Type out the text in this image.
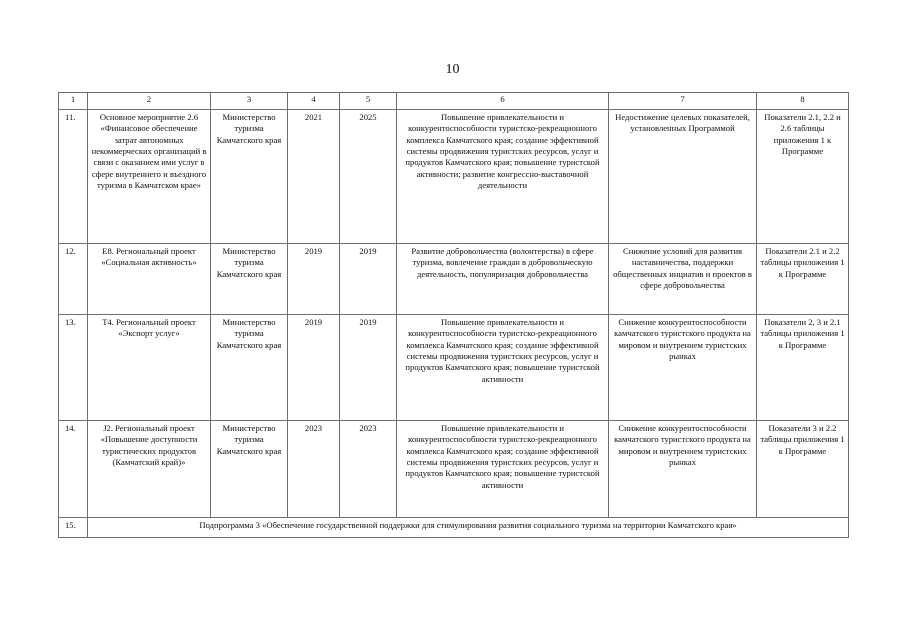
10
1	2	3	4	5	6	7	8
11.	Основное мероприятие 2.6 «Финансовое обеспечение затрат автономных некоммерческих организаций в связи с оказанием ими услуг в сфере внутреннего и въездного туризма в Камчатском крае»	Министерство туризма Камчатского края	2021	2025	Повышение привлекательности и конкурентоспособности туристско-рекреационного комплекса Камчатского края; создание эффективной системы продвижения туристских ресурсов, услуг и продуктов Камчатского края; повышение туристской активности; развитие конгрессно-выставочной деятельности	Недостижение целевых показателей, установленных Программой	Показатели 2.1, 2.2 и 2.6 таблицы приложения 1 к Программе
12.	E8. Региональный проект «Социальная активность»	Министерство туризма Камчатского края	2019	2019	Развитие добровольчества (волонтерства) в сфере туризма, вовлечение граждан в добровольческую деятельность, популяризация добровольчества	Снижение условий для развития наставничества, поддержки общественных инциатив и проектов в сфере добровольчества	Показатели 2.1 и 2.2 таблицы приложения 1 к Программе
13.	T4. Региональный проект «Экспорт услуг»	Министерство туризма Камчатского края	2019	2019	Повышение привлекательности и конкурентоспособности туристско-рекреационного комплекса Камчатского края; создание эффективной системы продвижения туристских ресурсов, услуг и продуктов Камчатского края; повышение туристской активности	Снижение конкурентоспособности камчатского туристского продукта на мировом и внутреннем туристских рынках	Показатели 2, 3 и 2.1 таблицы приложения 1 к Программе
14.	J2. Региональный проект «Повышение доступности туристических продуктов (Камчатский край)»	Министерство туризма Камчатского края	2023	2023	Повышение привлекательности и конкурентоспособности туристско-рекреационного комплекса Камчатского края; создание эффективной системы продвижения туристских ресурсов, услуг и продуктов Камчатского края; повышение туристской активности	Снижение конкурентоспособности камчатского туристского продукта на мировом и внутреннем туристских рынках	Показатели 3 и 2.2 таблицы приложения 1 к Программе
15.	Подпрограмма 3 «Обеспечение государственной поддержки для стимулирования развития социального туризма на территории Камчатского края»						
